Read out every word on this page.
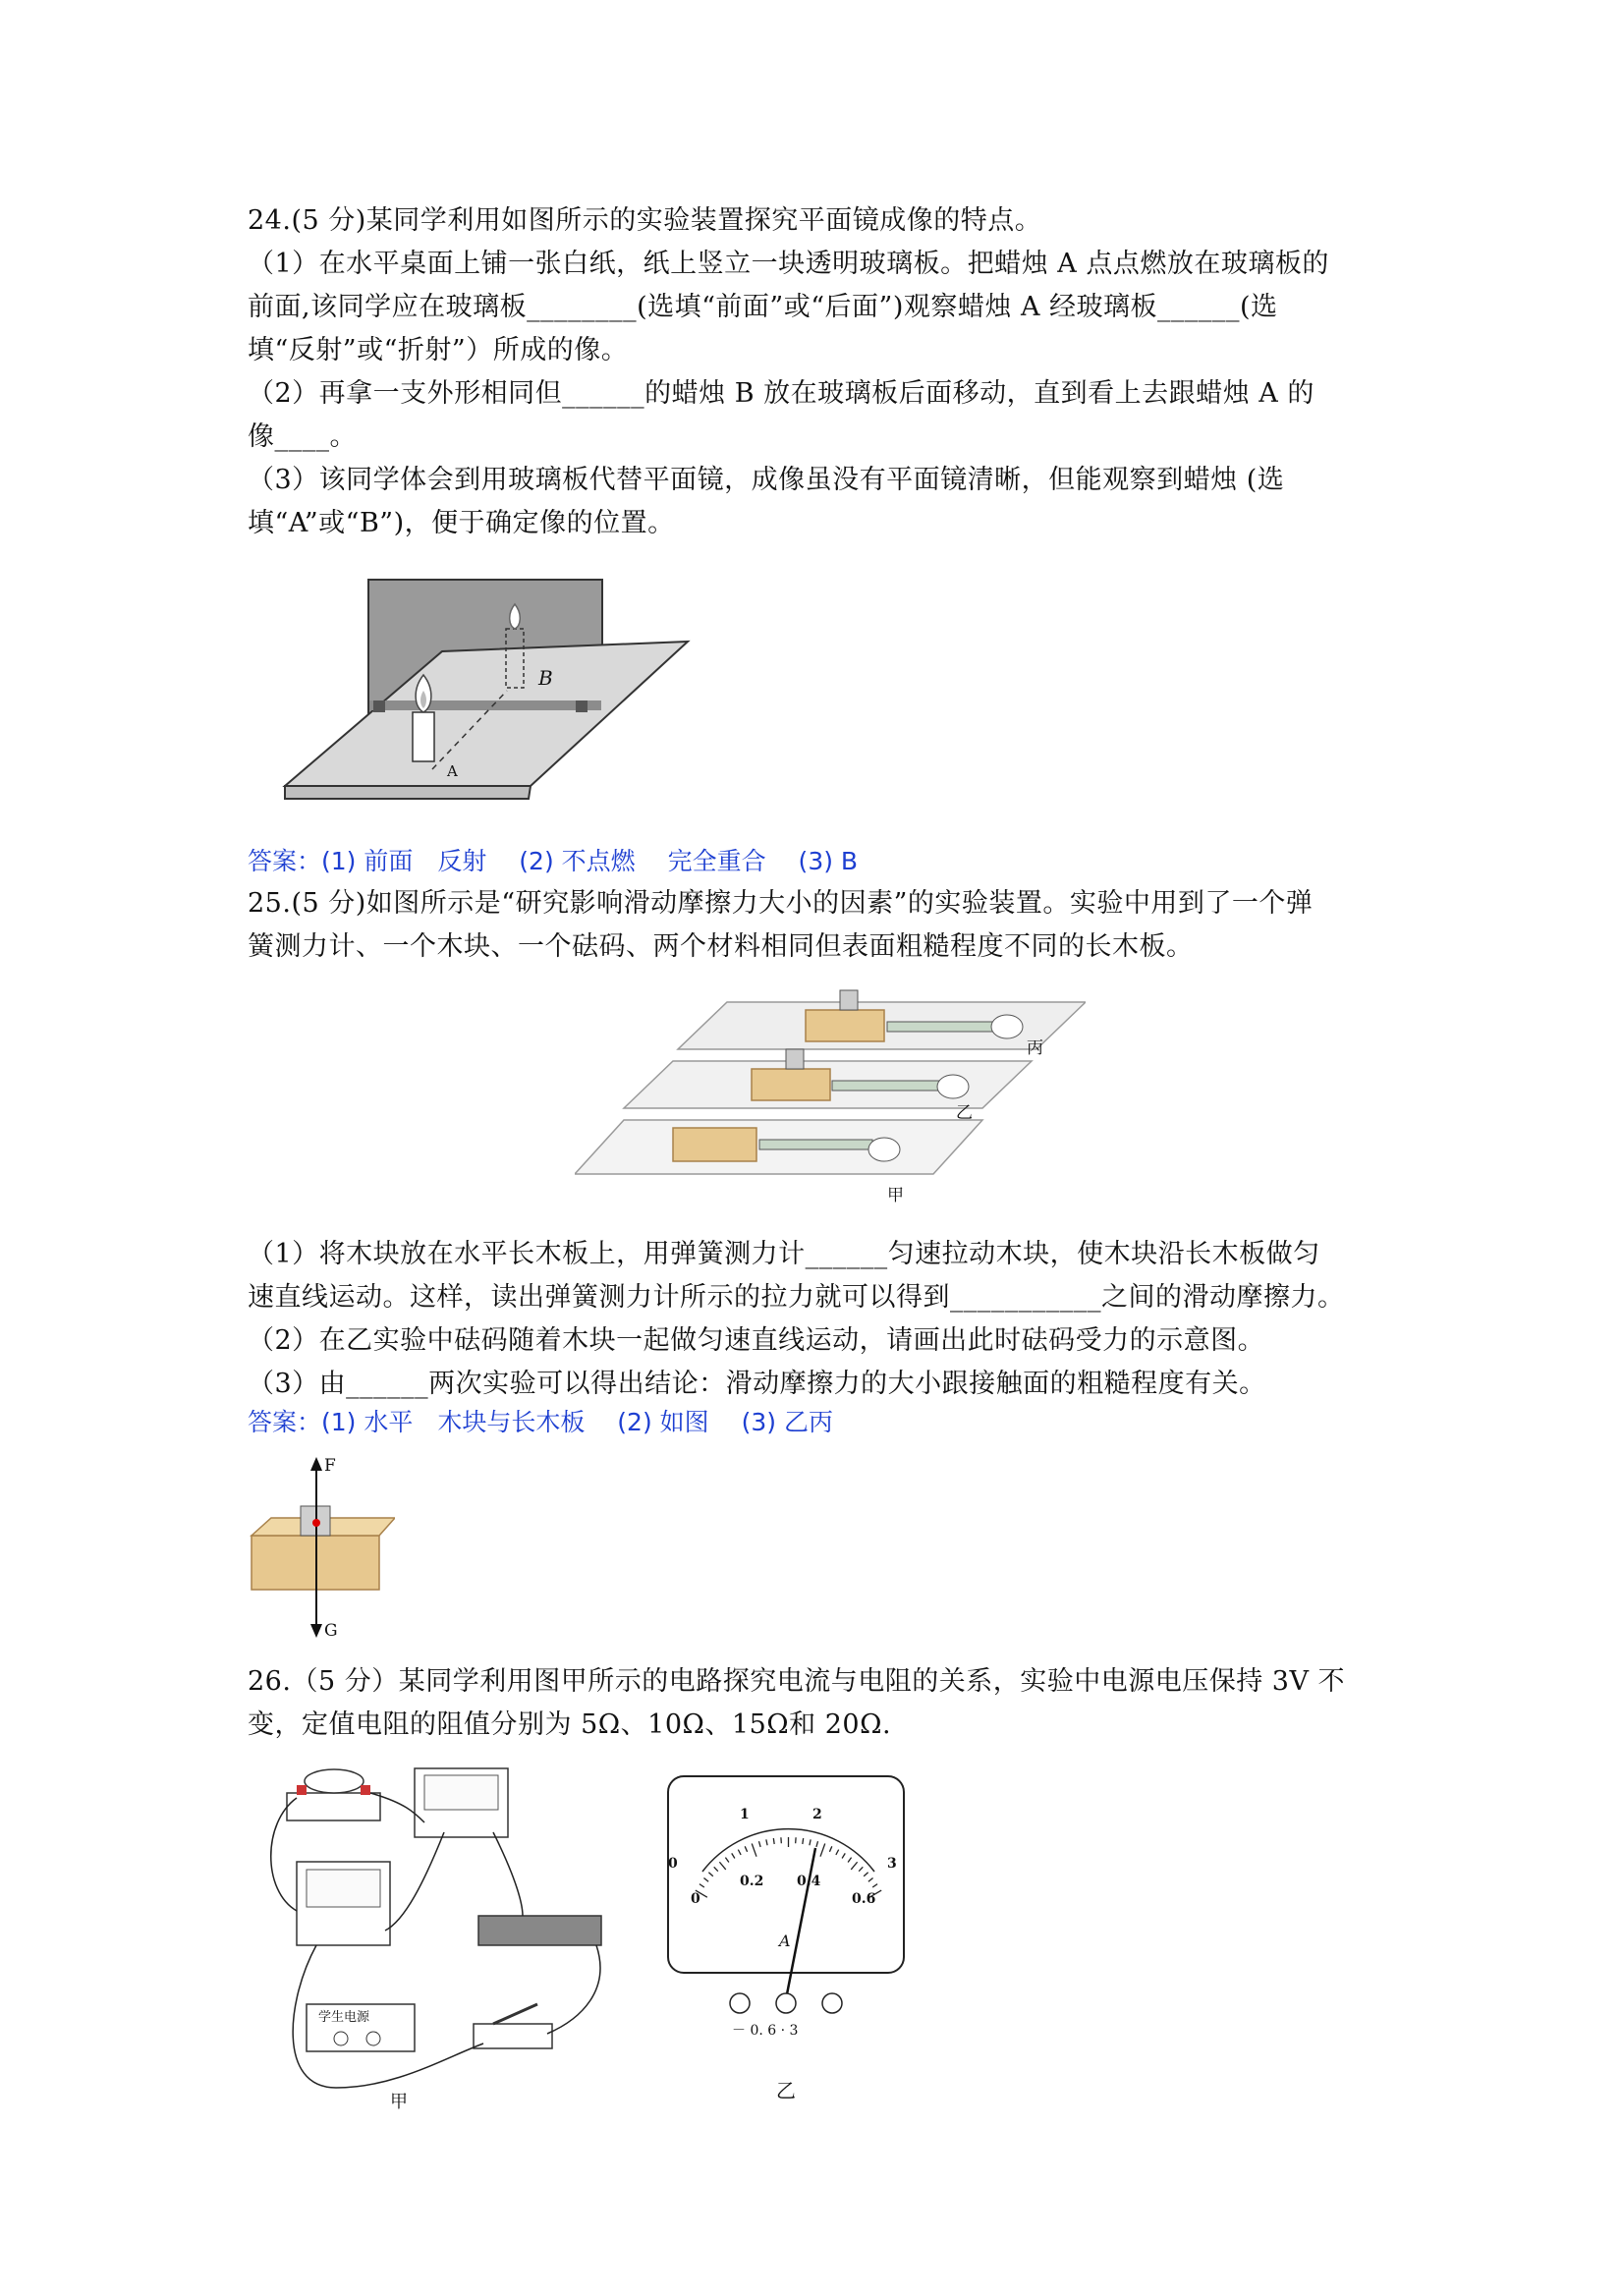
24.(5 分)某同学利用如图所示的实验装置探究平面镜成像的特点。
（1）在水平桌面上铺一张白纸，纸上竖立一块透明玻璃板。把蜡烛 A 点点燃放在玻璃板的
前面,该同学应在玻璃板________(选填“前面”或“后面”)观察蜡烛 A 经玻璃板______(选
填“反射”或“折射”）所成的像。
（2）再拿一支外形相同但______的蜡烛 B 放在玻璃板后面移动，直到看上去跟蜡烛 A 的
像____。
（3）该同学体会到用玻璃板代替平面镜，成像虽没有平面镜清晰，但能观察到蜡烛 (选
填“A”或“B”)，便于确定像的位置。
B
A
答案：(1) 前面　反射　 (2) 不点燃　 完全重合　 (3) B
25.(5 分)如图所示是“研究影响滑动摩擦力大小的因素”的实验装置。实验中用到了一个弹
簧测力计、一个木块、一个砝码、两个材料相同但表面粗糙程度不同的长木板。
丙
乙
甲
（1）将木块放在水平长木板上，用弹簧测力计______匀速拉动木块，使木块沿长木板做匀
速直线运动。这样，读出弹簧测力计所示的拉力就可以得到___________之间的滑动摩擦力。
（2）在乙实验中砝码随着木块一起做匀速直线运动，请画出此时砝码受力的示意图。
（3）由______两次实验可以得出结论：滑动摩擦力的大小跟接触面的粗糙程度有关。
答案：(1) 水平　木块与长木板　 (2) 如图　 (3) 乙丙
F
G
26.（5 分）某同学利用图甲所示的电路探究电流与电阻的关系，实验中电源电压保持 3V 不
变，定值电阻的阻值分别为 5Ω、10Ω、15Ω和 20Ω.
学生电源
甲
A
0
1	2
3
0
0.2 0.4
0.6
－ 0. 6 · 3
乙
